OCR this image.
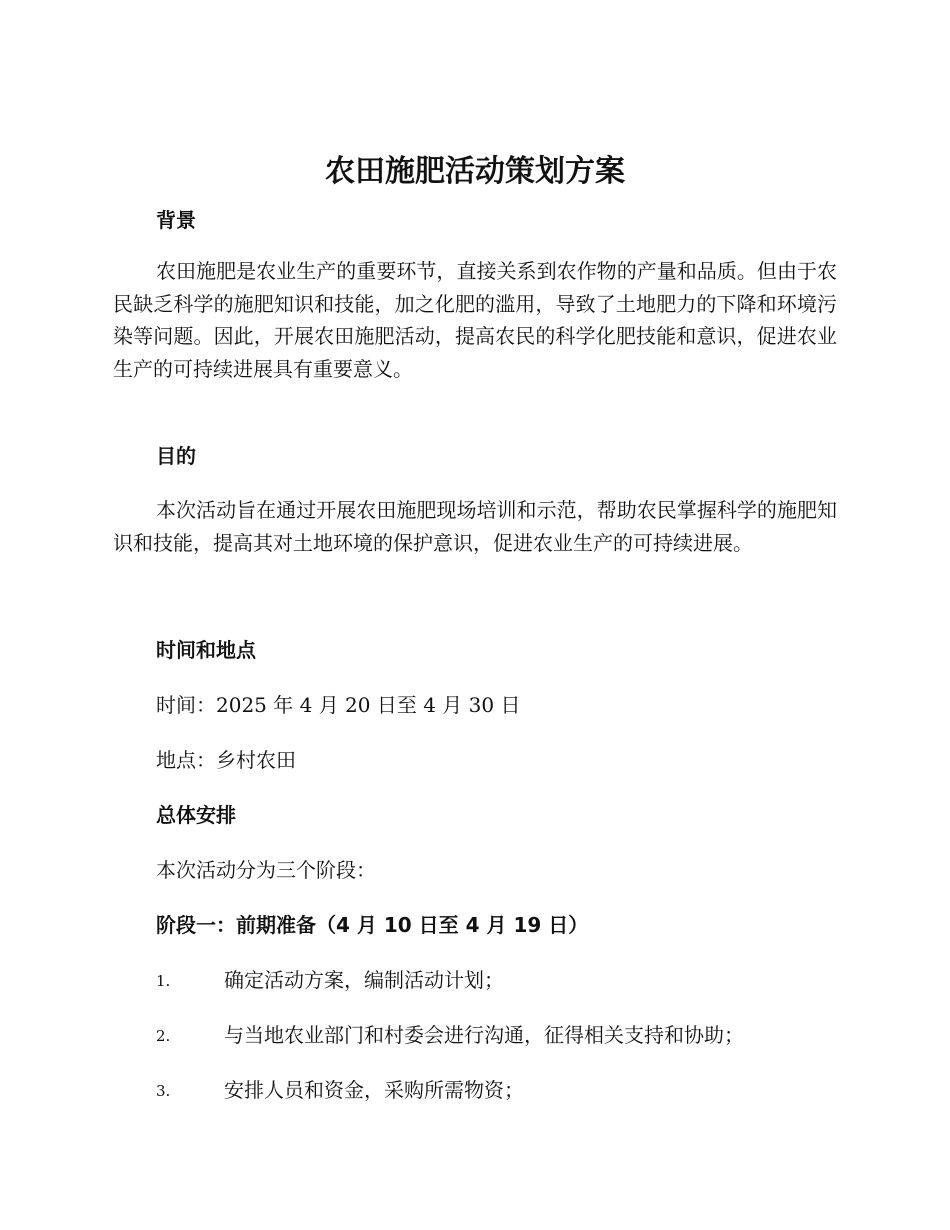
农田施肥活动策划方案
背景

农田施肥是农业生产的重要环节，直接关系到农作物的产量和品质。但由于农民缺乏科学的施肥知识和技能，加之化肥的滥用，导致了土地肥力的下降和环境污染等问题。因此，开展农田施肥活动，提高农民的科学化肥技能和意识，促进农业生产的可持续进展具有重要意义。

目的

本次活动旨在通过开展农田施肥现场培训和示范，帮助农民掌握科学的施肥知识和技能，提高其对土地环境的保护意识，促进农业生产的可持续进展。

时间和地点

时间：2025 年 4 月 20 日至 4 月 30 日

地点：乡村农田

总体安排

本次活动分为三个阶段：

阶段一：前期准备（4 月 10 日至 4 月 19 日）
1.	确定活动方案，编制活动计划；
2.	与当地农业部门和村委会进行沟通，征得相关支持和协助；
3.	安排人员和资金，采购所需物资；
